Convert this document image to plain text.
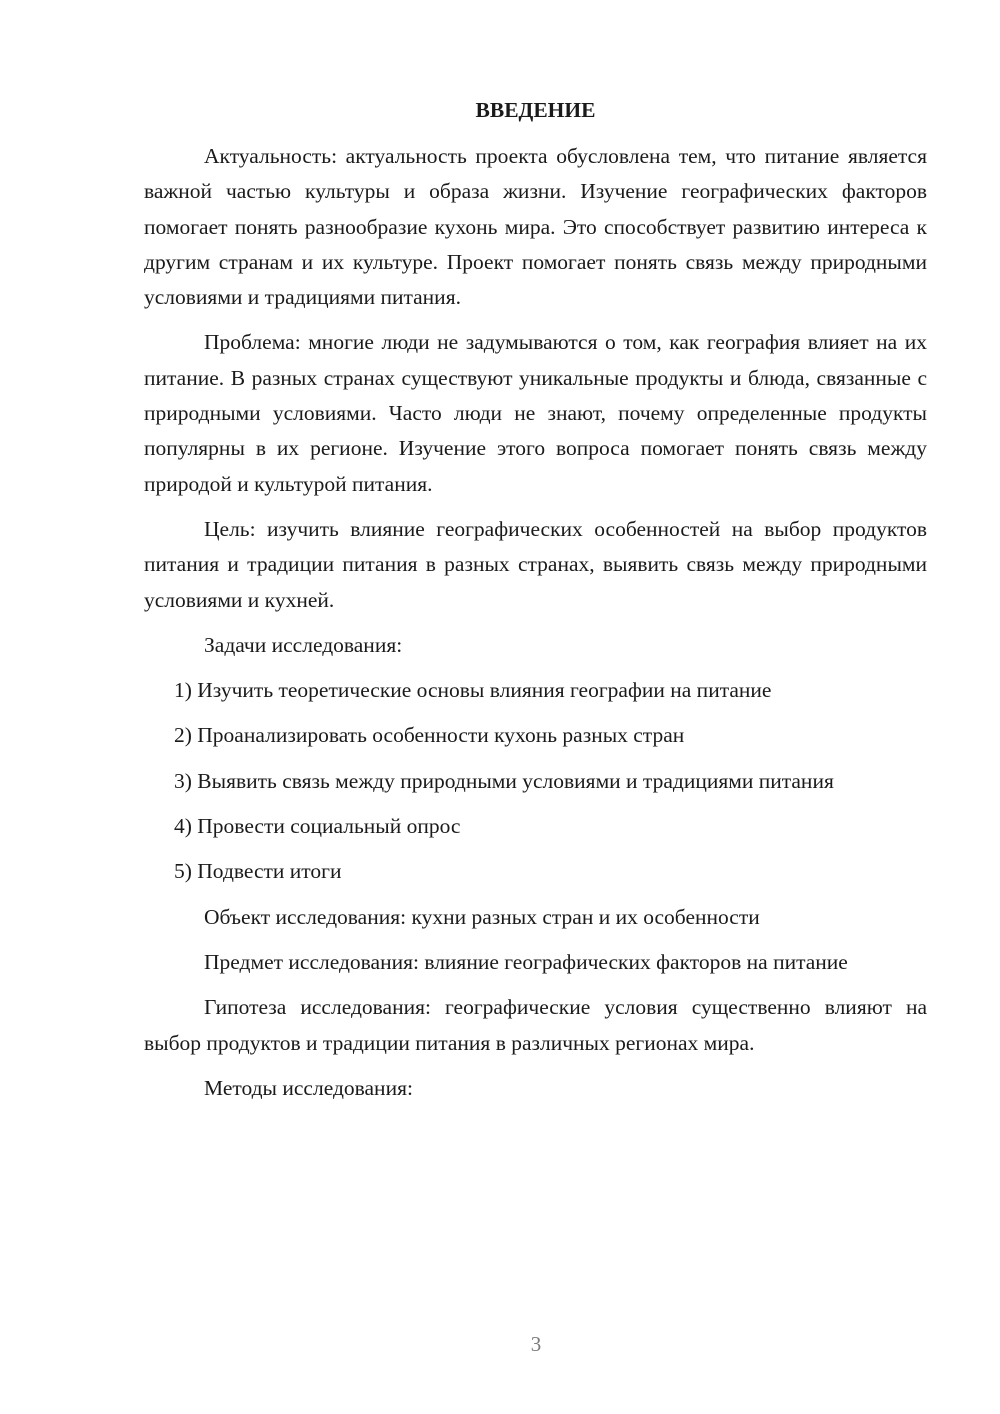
ВВЕДЕНИЕ

Актуальность: актуальность проекта обусловлена тем, что питание является важной частью культуры и образа жизни. Изучение географических факторов помогает понять разнообразие кухонь мира. Это способствует развитию интереса к другим странам и их культуре. Проект помогает понять связь между природными условиями и традициями питания.

Проблема: многие люди не задумываются о том, как география влияет на их питание. В разных странах существуют уникальные продукты и блюда, связанные с природными условиями. Часто люди не знают, почему определенные продукты популярны в их регионе. Изучение этого вопроса помогает понять связь между природой и культурой питания.

Цель: изучить влияние географических особенностей на выбор продуктов питания и традиции питания в разных странах, выявить связь между природными условиями и кухней.

Задачи исследования:

1) Изучить теоретические основы влияния географии на питание

2) Проанализировать особенности кухонь разных стран

3) Выявить связь между природными условиями и традициями питания

4) Провести социальный опрос

5) Подвести итоги

Объект исследования: кухни разных стран и их особенности

Предмет исследования: влияние географических факторов на питание

Гипотеза исследования: географические условия существенно влияют на выбор продуктов и традиции питания в различных регионах мира.

Методы исследования:

3
